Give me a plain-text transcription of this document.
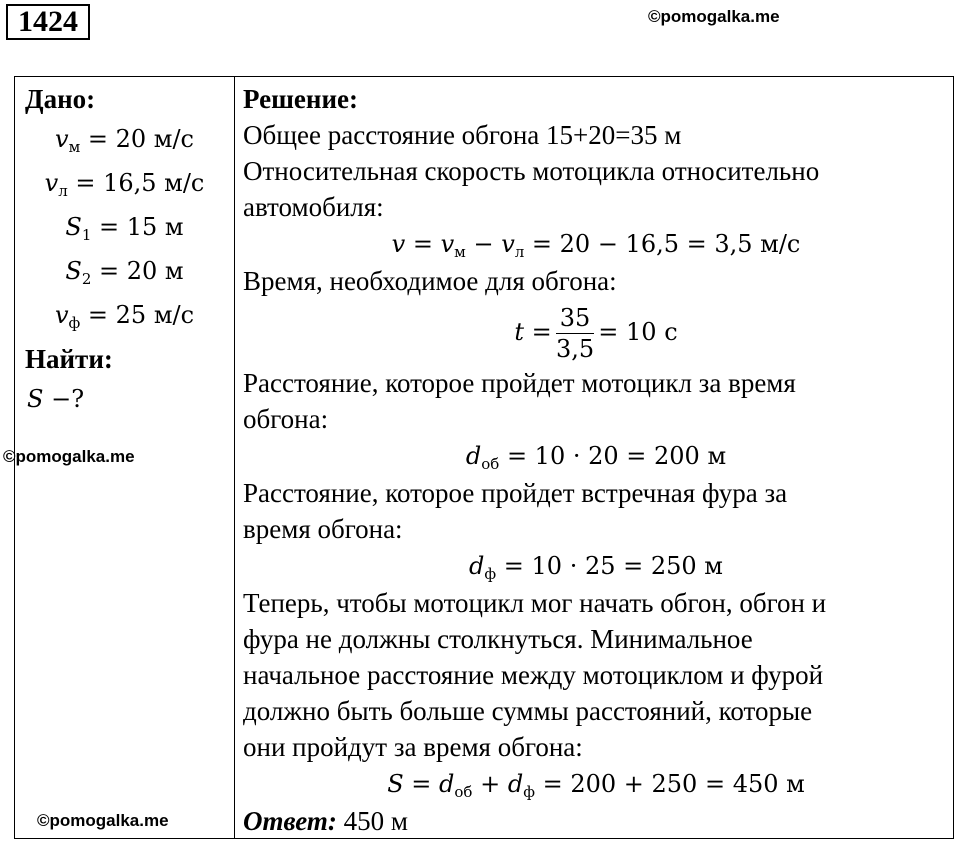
1424	©pomogalka.me
Дано:
$v_м = 20$ м/с
$v_л = 16,5$ м/с
$S_1 = 15$ м
$S_2 = 20$ м
$v_ф = 25$ м/с
Найти:
S −?
Решение:
Общее расстояние обгона 15+20=35 м
Относительная скорость мотоцикла относительно
автомобиля:
$v = v_м - v_л = 20 - 16,5 = 3,5$ м/с
Время, необходимое для обгона:
$t = \frac{35}{3,5} = 10$ с
Расстояние, которое пройдет мотоцикл за время
обгона:
$d_{об} = 10 \cdot 20 = 200$ м
Расстояние, которое пройдет встречная фура за
время обгона:
$d_ф = 10 \cdot 25 = 250$ м
Теперь, чтобы мотоцикл мог начать обгон, обгон и
фура не должны столкнуться. Минимальное
начальное расстояние между мотоциклом и фурой
должно быть больше суммы расстояний, которые
они пройдут за время обгона:
$S = d_{об} + d_ф = 200 + 250 = 450$ м
Ответ: 450 м
©pomogalka.me
©pomogalka.me
